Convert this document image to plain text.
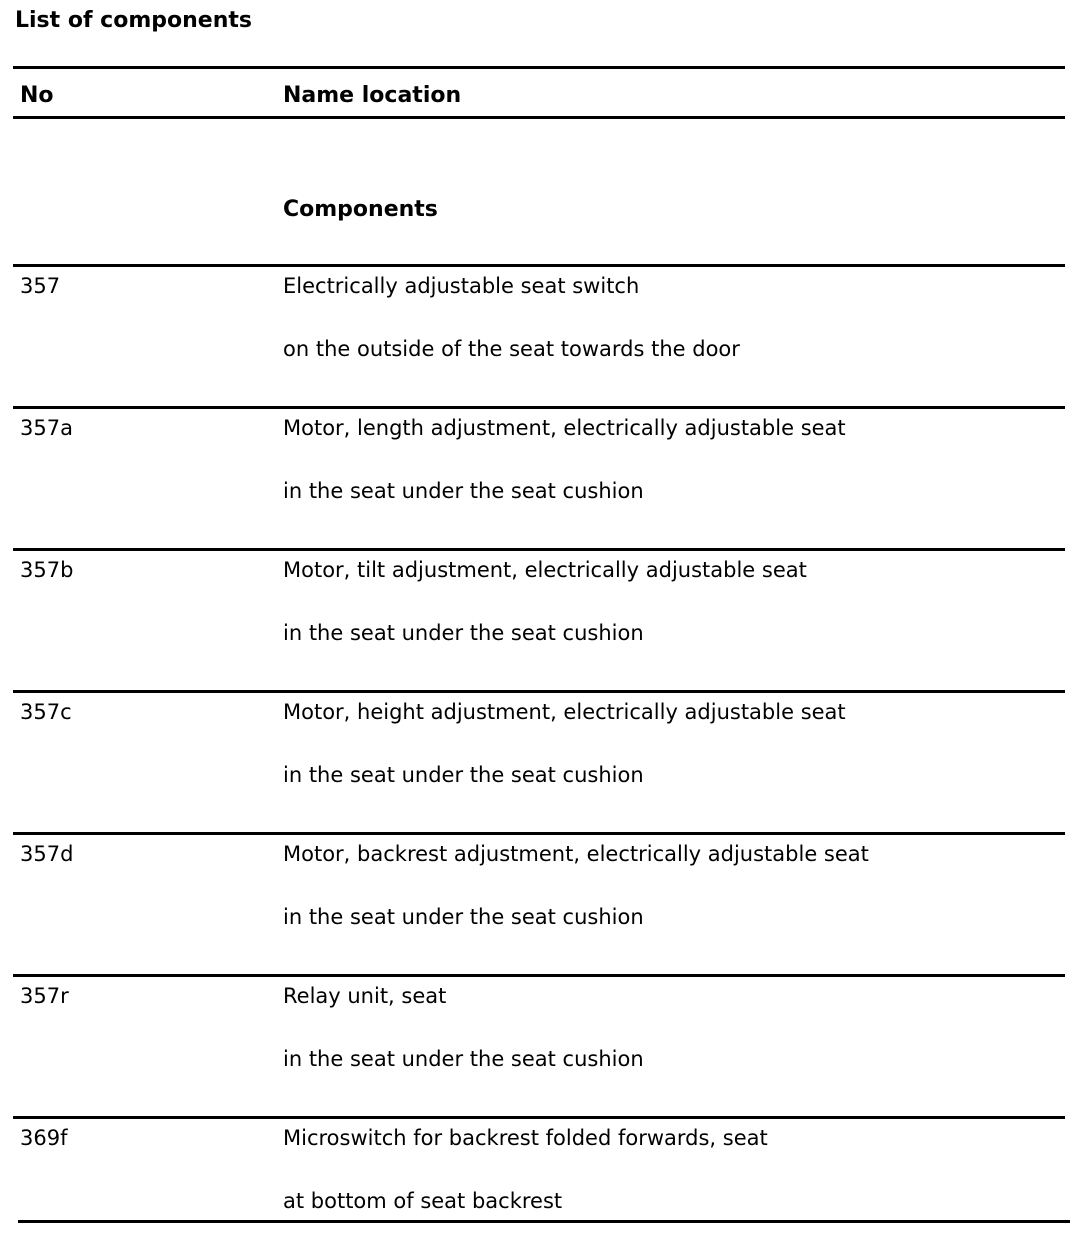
List of components
No	Name location
Components
357	Electrically adjustable seat switch
on the outside of the seat towards the door
357a	Motor, length adjustment, electrically adjustable seat
in the seat under the seat cushion
357b	Motor, tilt adjustment, electrically adjustable seat
in the seat under the seat cushion
357c	Motor, height adjustment, electrically adjustable seat
in the seat under the seat cushion
357d	Motor, backrest adjustment, electrically adjustable seat
in the seat under the seat cushion
357r	Relay unit, seat
in the seat under the seat cushion
369f	Microswitch for backrest folded forwards, seat
at bottom of seat backrest
